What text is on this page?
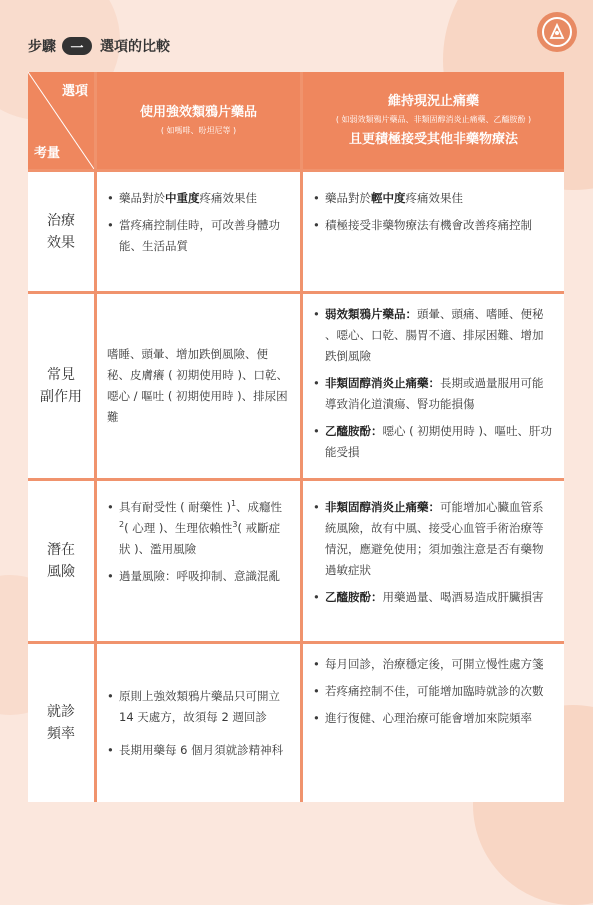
步驟	一	選項的比較
選項
考量
使用強效類鴉片藥品
( 如嗎啡、吩坦尼等 )
維持現況止痛藥
( 如弱效類鴉片藥品、非類固醇消炎止痛藥、乙醯胺酚 )
且更積極接受其他非藥物療法
治療
效果
• 藥品對於中重度疼痛效果佳
• 當疼痛控制佳時，可改善身體功能、生活品質
• 藥品對於輕中度疼痛效果佳
• 積極接受非藥物療法有機會改善疼痛控制
常見
副作用
嗜睡、頭暈、增加跌倒風險、便秘、皮膚癢 ( 初期使用時 )、口乾、噁心 / 嘔吐 ( 初期使用時 )、排尿困難
• 弱效類鴉片藥品：頭暈、頭痛、嗜睡、便秘 、噁心、口乾、腸胃不適、排尿困難、增加跌倒風險
• 非類固醇消炎止痛藥：長期或過量服用可能導致消化道潰瘍、腎功能損傷
• 乙醯胺酚：噁心 ( 初期使用時 )、嘔吐、肝功能受損
潛在
風險
• 具有耐受性 ( 耐藥性 )$^1$、成癮性$^2$( 心理 )、生理依賴性$^3$( 戒斷症狀 )、濫用風險
• 過量風險：呼吸抑制、意識混亂
• 非類固醇消炎止痛藥：可能增加心臟血管系統風險，故有中風、接受心血管手術治療等情況，應避免使用；須加強注意是否有藥物過敏症狀
• 乙醯胺酚：用藥過量、喝酒易造成肝臟損害
就診
頻率
• 原則上強效類鴉片藥品只可開立 14 天處方，故須每 2 週回診
• 長期用藥每 6 個月須就診精神科
• 每月回診，治療穩定後，可開立慢性處方箋
• 若疼痛控制不佳，可能增加臨時就診的次數
• 進行復健、心理治療可能會增加來院頻率
